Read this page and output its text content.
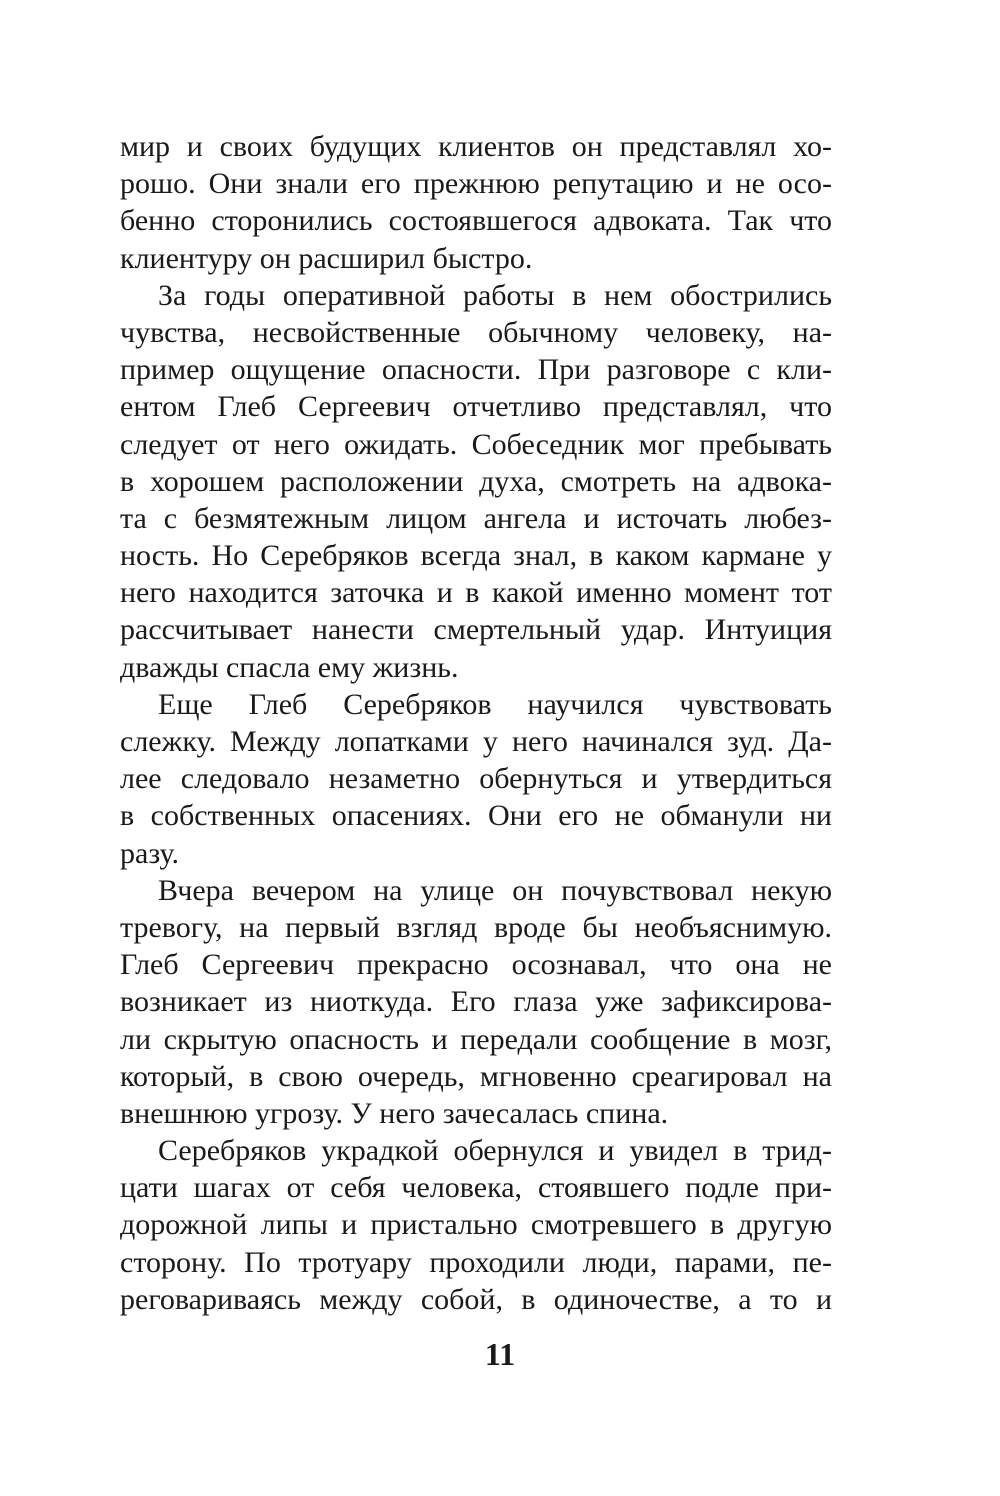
мир и своих будущих клиентов он представлял хо-
рошо. Они знали его прежнюю репутацию и не осо-
бенно сторонились состоявшегося адвоката. Так что
клиентуру он расширил быстро.
За годы оперативной работы в нем обострились
чувства, несвойственные обычному человеку, на-
пример ощущение опасности. При разговоре с кли-
ентом Глеб Сергеевич отчетливо представлял, что
следует от него ожидать. Собеседник мог пребывать
в хорошем расположении духа, смотреть на адвока-
та с безмятежным лицом ангела и источать любез-
ность. Но Серебряков всегда знал, в каком кармане у
него находится заточка и в какой именно момент тот
рассчитывает нанести смертельный удар. Интуиция
дважды спасла ему жизнь.
Еще Глеб Серебряков научился чувствовать
слежку. Между лопатками у него начинался зуд. Да-
лее следовало незаметно обернуться и утвердиться
в собственных опасениях. Они его не обманули ни
разу.
Вчера вечером на улице он почувствовал некую
тревогу, на первый взгляд вроде бы необъяснимую.
Глеб Сергеевич прекрасно осознавал, что она не
возникает из ниоткуда. Его глаза уже зафиксирова-
ли скрытую опасность и передали сообщение в мозг,
который, в свою очередь, мгновенно среагировал на
внешнюю угрозу. У него зачесалась спина.
Серебряков украдкой обернулся и увидел в трид-
цати шагах от себя человека, стоявшего подле при-
дорожной липы и пристально смотревшего в другую
сторону. По тротуару проходили люди, парами, пе-
реговариваясь между собой, в одиночестве, а то и
11
